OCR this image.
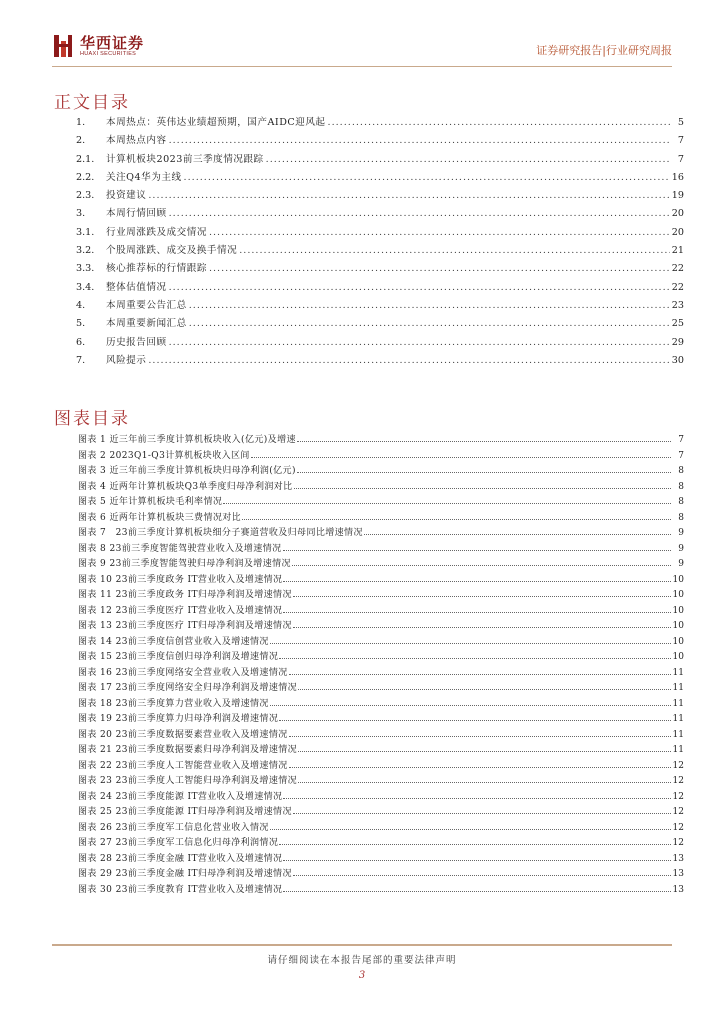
华西证券
HUAXI SECURITIES	证券研究报告|行业研究周报
正文目录
1.	本周热点：英伟达业绩超预期，国产AIDC迎风起 .....	5
2.	本周热点内容 .....	7
2.1.	计算机板块2023前三季度情况跟踪 .....	7
2.2.	关注Q4华为主线 .....	16
2.3.	投资建议 .....	19
3.	本周行情回顾 .....	20
3.1.	行业周涨跌及成交情况 .....	20
3.2.	个股周涨跌、成交及换手情况 .....	21
3.3.	核心推荐标的行情跟踪 .....	22
3.4.	整体估值情况 .....	22
4.	本周重要公告汇总 .....	23
5.	本周重要新闻汇总 .....	25
6.	历史报告回顾 .....	29
7.	风险提示 .....	30
图表目录
图表 1 近三年前三季度计算机板块收入(亿元)及增速	7
图表 2 2023Q1-Q3计算机板块收入区间	7
图表 3 近三年前三季度计算机板块归母净利润(亿元)	8
图表 4 近两年计算机板块Q3单季度归母净利润对比	8
图表 5 近年计算机板块毛利率情况	8
图表 6 近两年计算机板块三费情况对比	8
图表 7　23前三季度计算机板块细分子赛道营收及归母同比增速情况	9
图表 8 23前三季度智能驾驶营业收入及增速情况	9
图表 9 23前三季度智能驾驶归母净利润及增速情况	9
图表 10 23前三季度政务 IT营业收入及增速情况	10
图表 11 23前三季度政务 IT归母净利润及增速情况	10
图表 12 23前三季度医疗 IT营业收入及增速情况	10
图表 13 23前三季度医疗 IT归母净利润及增速情况	10
图表 14 23前三季度信创营业收入及增速情况	10
图表 15 23前三季度信创归母净利润及增速情况	10
图表 16 23前三季度网络安全营业收入及增速情况	11
图表 17 23前三季度网络安全归母净利润及增速情况	11
图表 18 23前三季度算力营业收入及增速情况	11
图表 19 23前三季度算力归母净利润及增速情况	11
图表 20 23前三季度数据要素营业收入及增速情况	11
图表 21 23前三季度数据要素归母净利润及增速情况	11
图表 22 23前三季度人工智能营业收入及增速情况	12
图表 23 23前三季度人工智能归母净利润及增速情况	12
图表 24 23前三季度能源 IT营业收入及增速情况	12
图表 25 23前三季度能源 IT归母净利润及增速情况	12
图表 26 23前三季度军工信息化营业收入情况	12
图表 27 23前三季度军工信息化归母净利润情况	12
图表 28 23前三季度金融 IT营业收入及增速情况	13
图表 29 23前三季度金融 IT归母净利润及增速情况	13
图表 30 23前三季度教育 IT营业收入及增速情况	13
请仔细阅读在本报告尾部的重要法律声明
3
